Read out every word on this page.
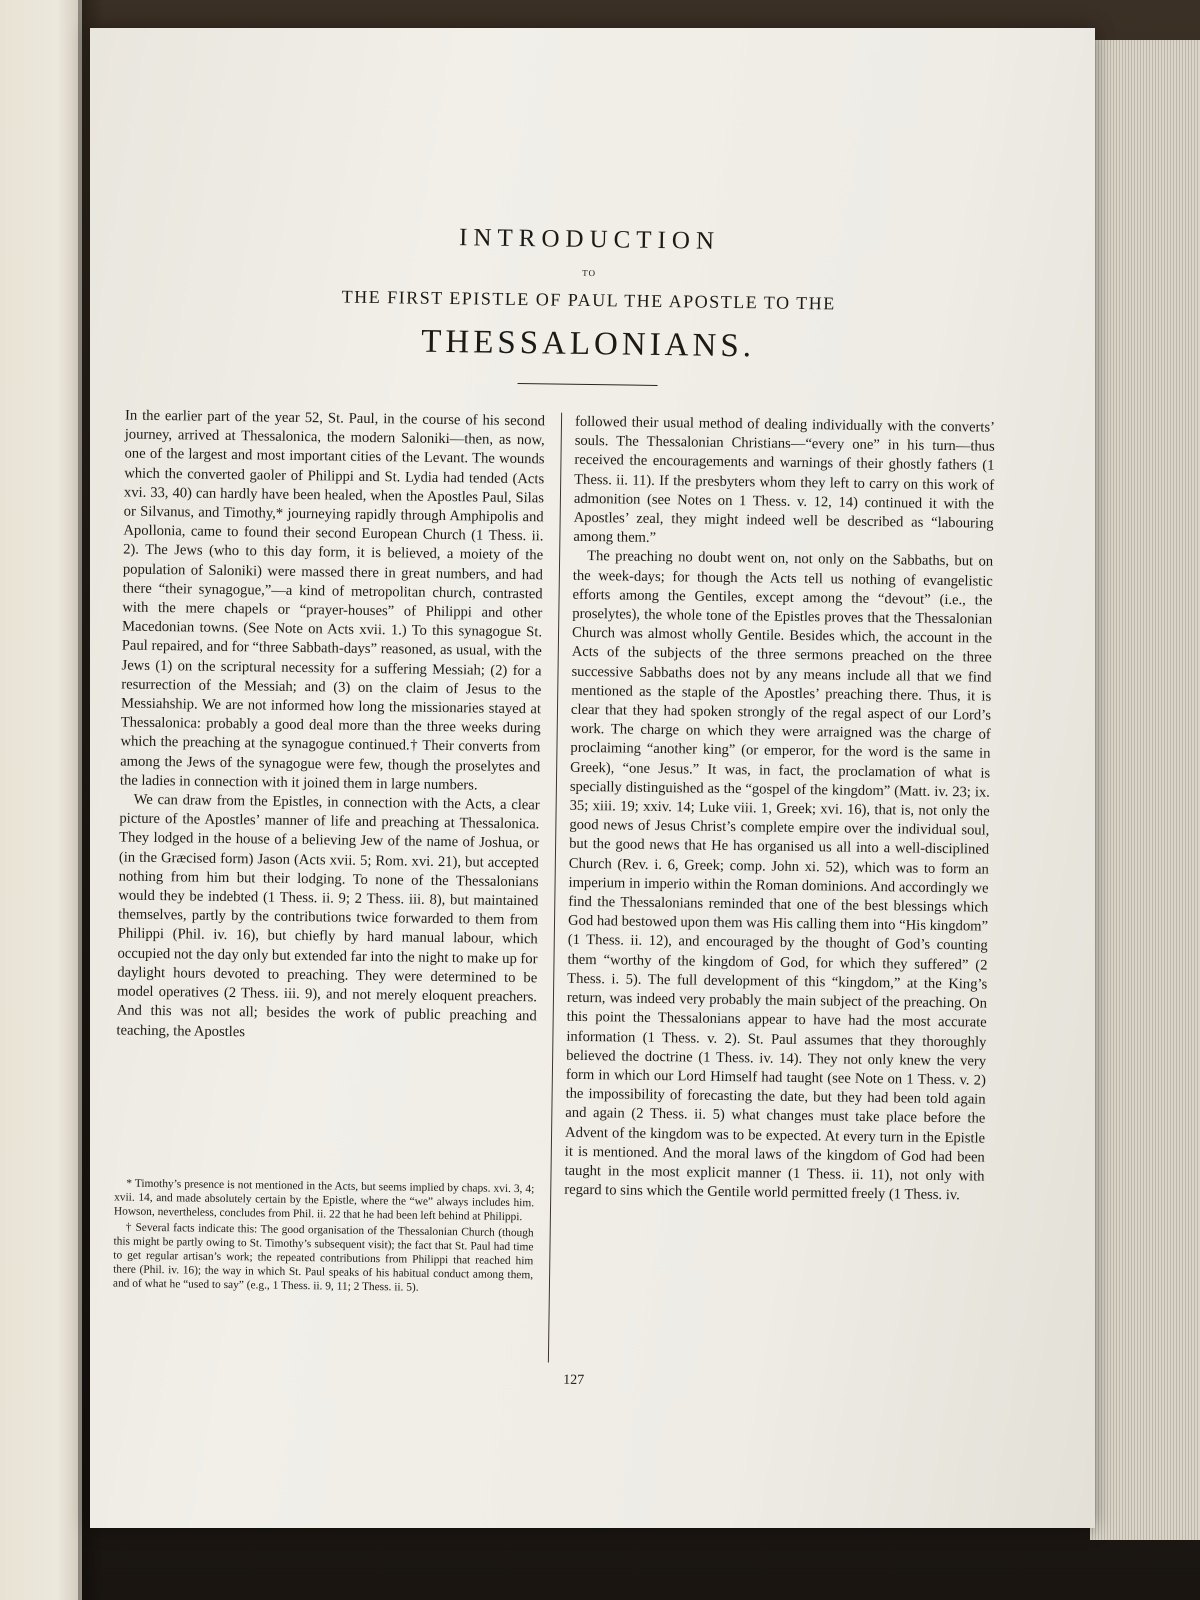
INTRODUCTION
TO
THE FIRST EPISTLE OF PAUL THE APOSTLE TO THE
THESSALONIANS.

In the earlier part of the year 52, St. Paul, in the course of his second journey, arrived at Thessalonica, the modern Saloniki—then, as now, one of the largest and most important cities of the Levant. The wounds which the converted gaoler of Philippi and St. Lydia had tended (Acts xvi. 33, 40) can hardly have been healed, when the Apostles Paul, Silas or Silvanus, and Timothy,* journeying rapidly through Amphipolis and Apollonia, came to found their second European Church (1 Thess. ii. 2). The Jews (who to this day form, it is believed, a moiety of the population of Saloniki) were massed there in great numbers, and had there “their synagogue,”—a kind of metropolitan church, contrasted with the mere chapels or “prayer-houses” of Philippi and other Macedonian towns. (See Note on Acts xvii. 1.) To this synagogue St. Paul repaired, and for “three Sabbath-days” reasoned, as usual, with the Jews (1) on the scriptural necessity for a suffering Messiah; (2) for a resurrection of the Messiah; and (3) on the claim of Jesus to the Messiahship. We are not informed how long the missionaries stayed at Thessalonica: probably a good deal more than the three weeks during which the preaching at the synagogue continued.† Their converts from among the Jews of the synagogue were few, though the proselytes and the ladies in connection with it joined them in large numbers.

We can draw from the Epistles, in connection with the Acts, a clear picture of the Apostles’ manner of life and preaching at Thessalonica. They lodged in the house of a believing Jew of the name of Joshua, or (in the Græcised form) Jason (Acts xvii. 5; Rom. xvi. 21), but accepted nothing from him but their lodging. To none of the Thessalonians would they be indebted (1 Thess. ii. 9; 2 Thess. iii. 8), but maintained themselves, partly by the contributions twice forwarded to them from Philippi (Phil. iv. 16), but chiefly by hard manual labour, which occupied not the day only but extended far into the night to make up for daylight hours devoted to preaching. They were determined to be model operatives (2 Thess. iii. 9), and not merely eloquent preachers. And this was not all; besides the work of public preaching and teaching, the Apostles

* Timothy’s presence is not mentioned in the Acts, but seems implied by chaps. xvi. 3, 4; xvii. 14, and made absolutely certain by the Epistle, where the “we” always includes him. Howson, nevertheless, concludes from Phil. ii. 22 that he had been left behind at Philippi.

† Several facts indicate this: The good organisation of the Thessalonian Church (though this might be partly owing to St. Timothy’s subsequent visit); the fact that St. Paul had time to get regular artisan’s work; the repeated contributions from Philippi that reached him there (Phil. iv. 16); the way in which St. Paul speaks of his habitual conduct among them, and of what he “used to say” (e.g., 1 Thess. ii. 9, 11; 2 Thess. ii. 5).

followed their usual method of dealing individually with the converts’ souls. The Thessalonian Christians—“every one” in his turn—thus received the encouragements and warnings of their ghostly fathers (1 Thess. ii. 11). If the presbyters whom they left to carry on this work of admonition (see Notes on 1 Thess. v. 12, 14) continued it with the Apostles’ zeal, they might indeed well be described as “labouring among them.”

The preaching no doubt went on, not only on the Sabbaths, but on the week-days; for though the Acts tell us nothing of evangelistic efforts among the Gentiles, except among the “devout” (i.e., the proselytes), the whole tone of the Epistles proves that the Thessalonian Church was almost wholly Gentile. Besides which, the account in the Acts of the subjects of the three sermons preached on the three successive Sabbaths does not by any means include all that we find mentioned as the staple of the Apostles’ preaching there. Thus, it is clear that they had spoken strongly of the regal aspect of our Lord’s work. The charge on which they were arraigned was the charge of proclaiming “another king” (or emperor, for the word is the same in Greek), “one Jesus.” It was, in fact, the proclamation of what is specially distinguished as the “gospel of the kingdom” (Matt. iv. 23; ix. 35; xiii. 19; xxiv. 14; Luke viii. 1, Greek; xvi. 16), that is, not only the good news of Jesus Christ’s complete empire over the individual soul, but the good news that He has organised us all into a well-disciplined Church (Rev. i. 6, Greek; comp. John xi. 52), which was to form an imperium in imperio within the Roman dominions. And accordingly we find the Thessalonians reminded that one of the best blessings which God had bestowed upon them was His calling them into “His kingdom” (1 Thess. ii. 12), and encouraged by the thought of God’s counting them “worthy of the kingdom of God, for which they suffered” (2 Thess. i. 5). The full development of this “kingdom,” at the King’s return, was indeed very probably the main subject of the preaching. On this point the Thessalonians appear to have had the most accurate information (1 Thess. v. 2). St. Paul assumes that they thoroughly believed the doctrine (1 Thess. iv. 14). They not only knew the very form in which our Lord Himself had taught (see Note on 1 Thess. v. 2) the impossibility of forecasting the date, but they had been told again and again (2 Thess. ii. 5) what changes must take place before the Advent of the kingdom was to be expected. At every turn in the Epistle it is mentioned. And the moral laws of the kingdom of God had been taught in the most explicit manner (1 Thess. ii. 11), not only with regard to sins which the Gentile world permitted freely (1 Thess. iv.

127
